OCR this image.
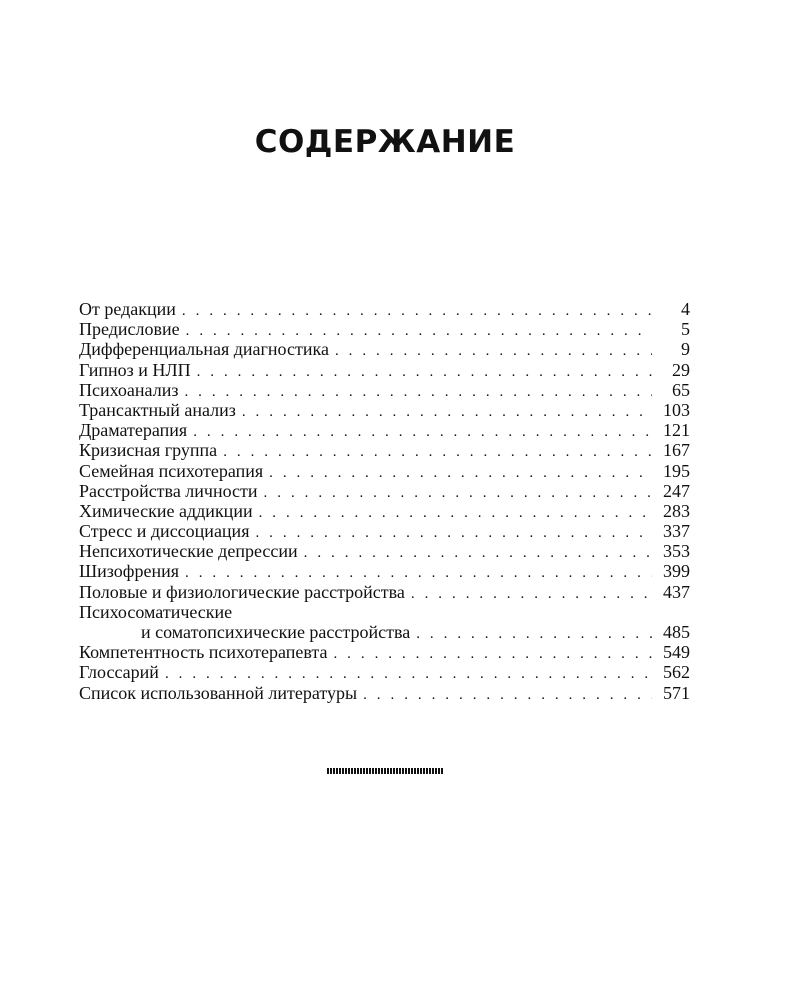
СОДЕРЖАНИЕ
От редакции . . .	4
Предисловие . . .	5
Дифференциальная диагностика . . .	9
Гипноз и НЛП . . .	29
Психоанализ . . .	65
Трансактный анализ . . .	103
Драматерапия . . .	121
Кризисная группа . . .	167
Семейная психотерапия . . .	195
Расстройства личности . . .	247
Химические аддикции . . .	283
Стресс и диссоциация . . .	337
Непсихотические депрессии . . .	353
Шизофрения . . .	399
Половые и физиологические расстройства . . .	437
Психосоматические
и соматопсихические расстройства . . .	485
Компетентность психотерапевта . . .	549
Глоссарий . . .	562
Список использованной литературы . . .	571
